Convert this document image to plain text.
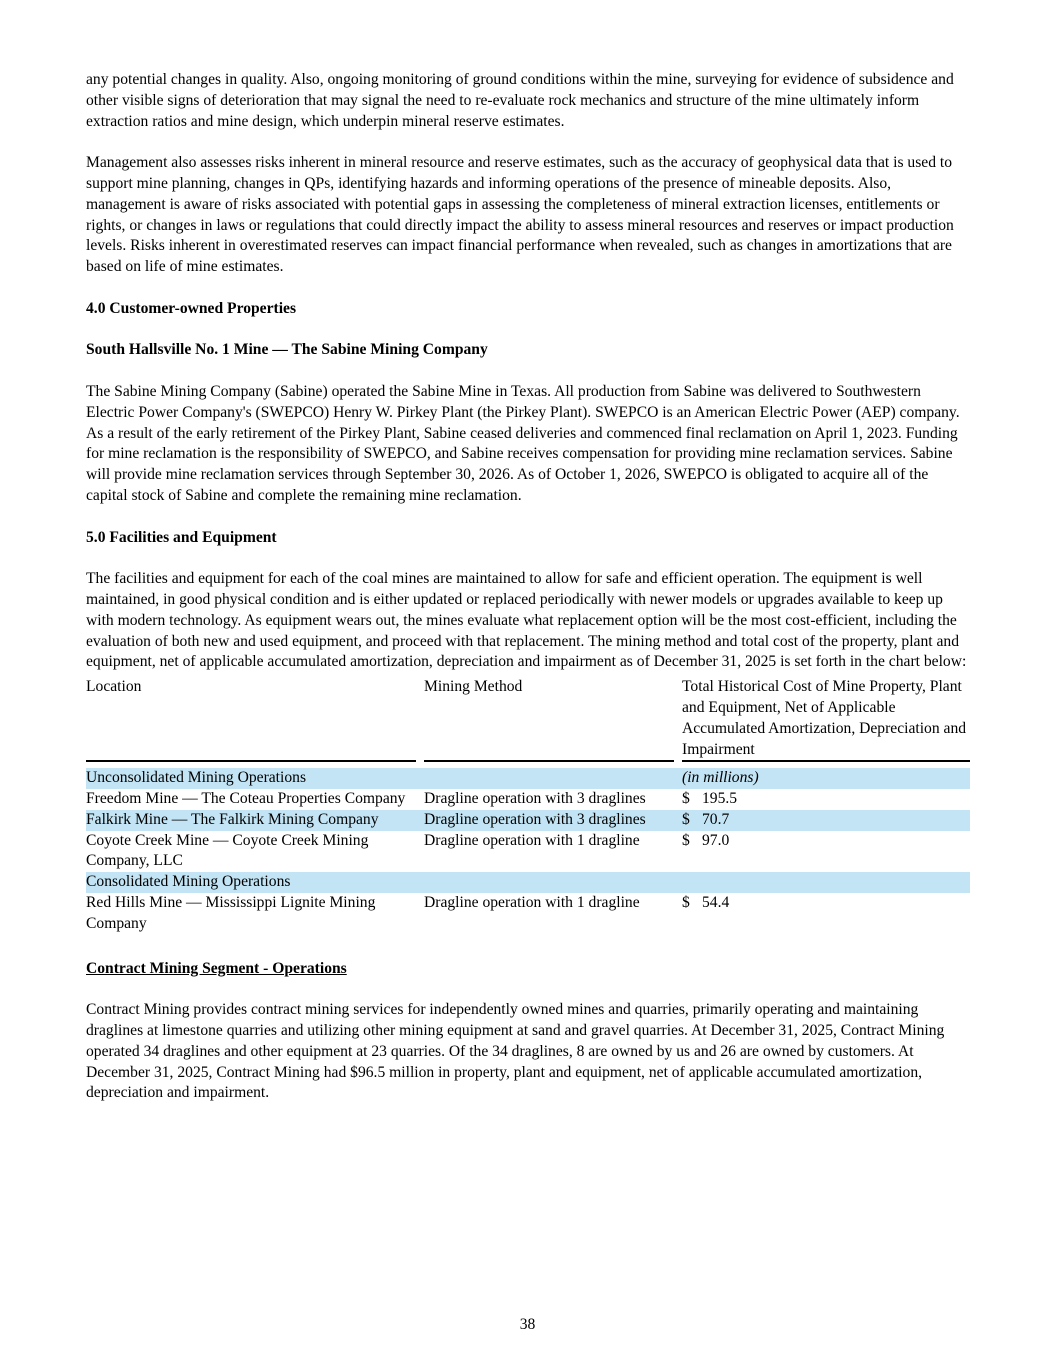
any potential changes in quality. Also, ongoing monitoring of ground conditions within the mine, surveying for evidence of subsidence and other visible signs of deterioration that may signal the need to re-evaluate rock mechanics and structure of the mine ultimately inform extraction ratios and mine design, which underpin mineral reserve estimates.

Management also assesses risks inherent in mineral resource and reserve estimates, such as the accuracy of geophysical data that is used to support mine planning, changes in QPs, identifying hazards and informing operations of the presence of mineable deposits. Also, management is aware of risks associated with potential gaps in assessing the completeness of mineral extraction licenses, entitlements or rights, or changes in laws or regulations that could directly impact the ability to assess mineral resources and reserves or impact production levels. Risks inherent in overestimated reserves can impact financial performance when revealed, such as changes in amortizations that are based on life of mine estimates.

4.0 Customer-owned Properties
South Hallsville No. 1 Mine — The Sabine Mining Company

The Sabine Mining Company (Sabine) operated the Sabine Mine in Texas. All production from Sabine was delivered to Southwestern Electric Power Company's (SWEPCO) Henry W. Pirkey Plant (the Pirkey Plant). SWEPCO is an American Electric Power (AEP) company. As a result of the early retirement of the Pirkey Plant, Sabine ceased deliveries and commenced final reclamation on April 1, 2023. Funding for mine reclamation is the responsibility of SWEPCO, and Sabine receives compensation for providing mine reclamation services. Sabine will provide mine reclamation services through September 30, 2026. As of October 1, 2026, SWEPCO is obligated to acquire all of the capital stock of Sabine and complete the remaining mine reclamation.

5.0 Facilities and Equipment

The facilities and equipment for each of the coal mines are maintained to allow for safe and efficient operation. The equipment is well maintained, in good physical condition and is either updated or replaced periodically with newer models or upgrades available to keep up with modern technology. As equipment wears out, the mines evaluate what replacement option will be the most cost-efficient, including the evaluation of both new and used equipment, and proceed with that replacement. The mining method and total cost of the property, plant and equipment, net of applicable accumulated amortization, depreciation and impairment as of December 31, 2025 is set forth in the chart below:

Location		Mining Method		Total Historical Cost of Mine Property, Plant and Equipment, Net of Applicable Accumulated Amortization, Depreciation and Impairment	

Unconsolidated Mining Operations				(in millions)	
Freedom Mine — The Coteau Properties Company		Dragline operation with 3 draglines		$	195.5
Falkirk Mine — The Falkirk Mining Company		Dragline operation with 3 draglines		$	70.7
Coyote Creek Mine — Coyote Creek Mining Company, LLC		Dragline operation with 1 dragline		$	97.0
Consolidated Mining Operations					
Red Hills Mine — Mississippi Lignite Mining Company		Dragline operation with 1 dragline		$	54.4
Contract Mining Segment - Operations

Contract Mining provides contract mining services for independently owned mines and quarries, primarily operating and maintaining draglines at limestone quarries and utilizing other mining equipment at sand and gravel quarries. At December 31, 2025, Contract Mining operated 34 draglines and other equipment at 23 quarries. Of the 34 draglines, 8 are owned by us and 26 are owned by customers. At December 31, 2025, Contract Mining had $96.5 million in property, plant and equipment, net of applicable accumulated amortization, depreciation and impairment.

38
